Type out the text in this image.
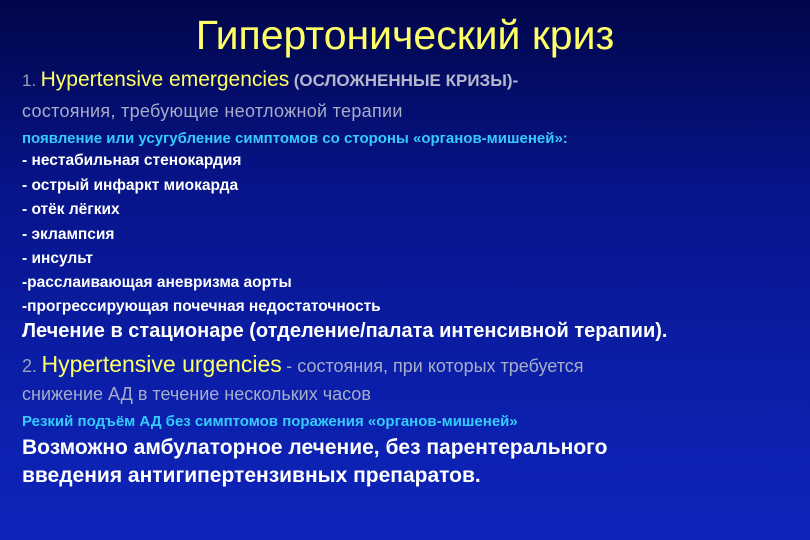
Гипертонический криз
1. Hypertensive emergencies (ОСЛОЖНЕННЫЕ КРИЗЫ)-
состояния, требующие неотложной терапии
появление или усугубление симптомов со стороны «органов-мишеней»:
- нестабильная стенокардия
- острый инфаркт миокарда
- отёк лёгких
- эклампсия
- инсульт
-расслаивающая аневризма аорты
-прогрессирующая почечная недостаточность
Лечение в стационаре (отделение/палата интенсивной терапии).
2. Hypertensive urgencies - состояния, при которых требуется
снижение АД в течение нескольких часов
Резкий подъём АД без симптомов поражения «органов-мишеней»
Возможно амбулаторное лечение, без парентерального
введения антигипертензивных препаратов.
